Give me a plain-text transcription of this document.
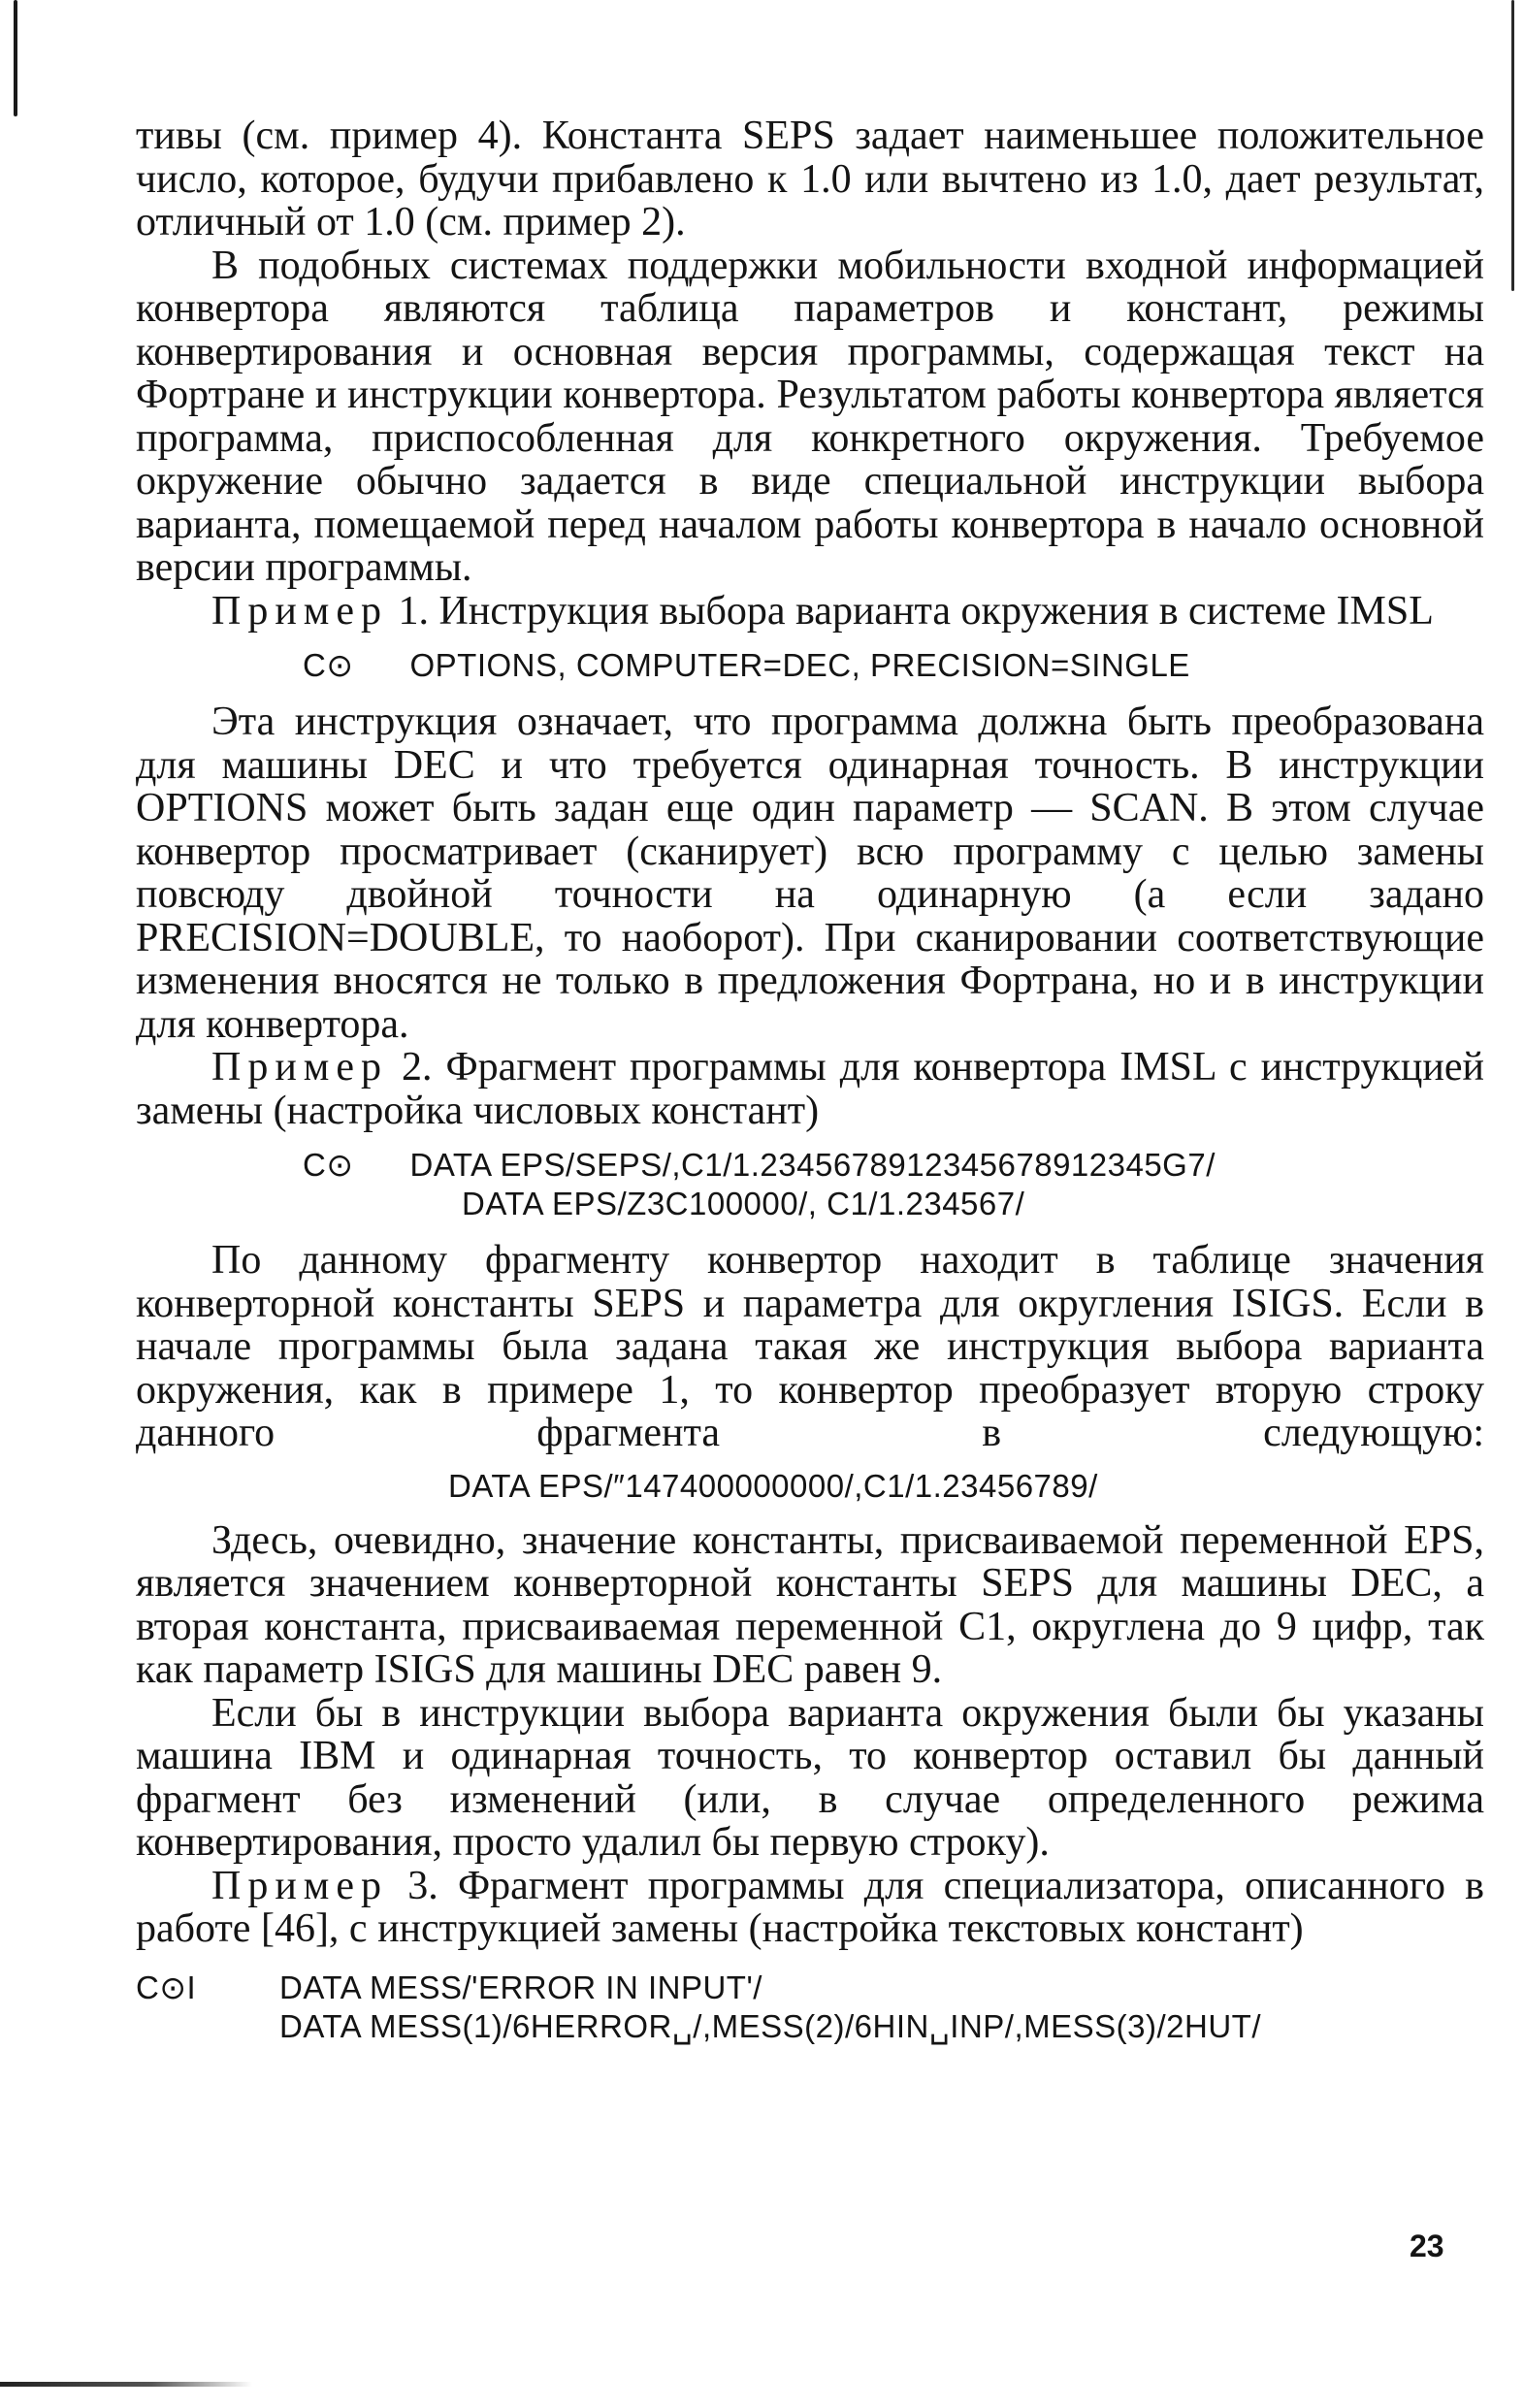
тивы (см. пример 4). Константа SEPS задает наименьшее положительное число, которое, будучи прибавлено к 1.0 или вычтено из 1.0, дает результат, отличный от 1.0 (см. пример 2).

В подобных системах поддержки мобильности входной информацией конвертора являются таблица параметров и констант, режимы конвертирования и основная версия программы, содержащая текст на Фортране и инструкции конвертора. Результатом работы конвертора является программа, приспособленная для конкретного окружения. Требуемое окружение обычно задается в виде специальной инструкции выбора варианта, помещаемой перед началом работы конвертора в начало основной версии программы.

Пример 1. Инструкция выбора варианта окружения в системе IMSL

C⊙ OPTIONS, COMPUTER=DEC, PRECISION=SINGLE

Эта инструкция означает, что программа должна быть преобразована для машины DEC и что требуется одинарная точность. В инструкции OPTIONS может быть задан еще один параметр — SCAN. В этом случае конвертор просматривает (сканирует) всю программу с целью замены повсюду двойной точности на одинарную (а если задано PRECISION=DOUBLE, то наоборот). При сканировании соответствующие изменения вносятся не только в предложения Фортрана, но и в инструкции для конвертора.

Пример 2. Фрагмент программы для конвертора IMSL с инструкцией замены (настройка числовых констант)

C⊙ DATA EPS/SEPS/,C1/1.2345678912345678912345G7/
DATA EPS/Z3C100000/, C1/1.234567/

По данному фрагменту конвертор находит в таблице значения конверторной константы SEPS и параметра для округления ISIGS. Если в начале программы была задана такая же инструкция выбора варианта окружения, как в примере 1, то конвертор преобразует вторую строку данного фрагмента в следующую:

DATA EPS/″147400000000/,C1/1.23456789/

Здесь, очевидно, значение константы, присваиваемой переменной EPS, является значением конверторной константы SEPS для машины DEC, а вторая константа, присваиваемая переменной C1, округлена до 9 цифр, так как параметр ISIGS для машины DEC равен 9.

Если бы в инструкции выбора варианта окружения были бы указаны машина IBM и одинарная точность, то конвертор оставил бы данный фрагмент без изменений (или, в случае определенного режима конвертирования, просто удалил бы первую строку).

Пример 3. Фрагмент программы для специализатора, описанного в работе [46], с инструкцией замены (настройка текстовых констант)

C⊙I	DATA MESS/'ERROR IN INPUT'/
DATA MESS(1)/6HERROR␣/,MESS(2)/6HIN␣INP/,MESS(3)/2HUT/
23
